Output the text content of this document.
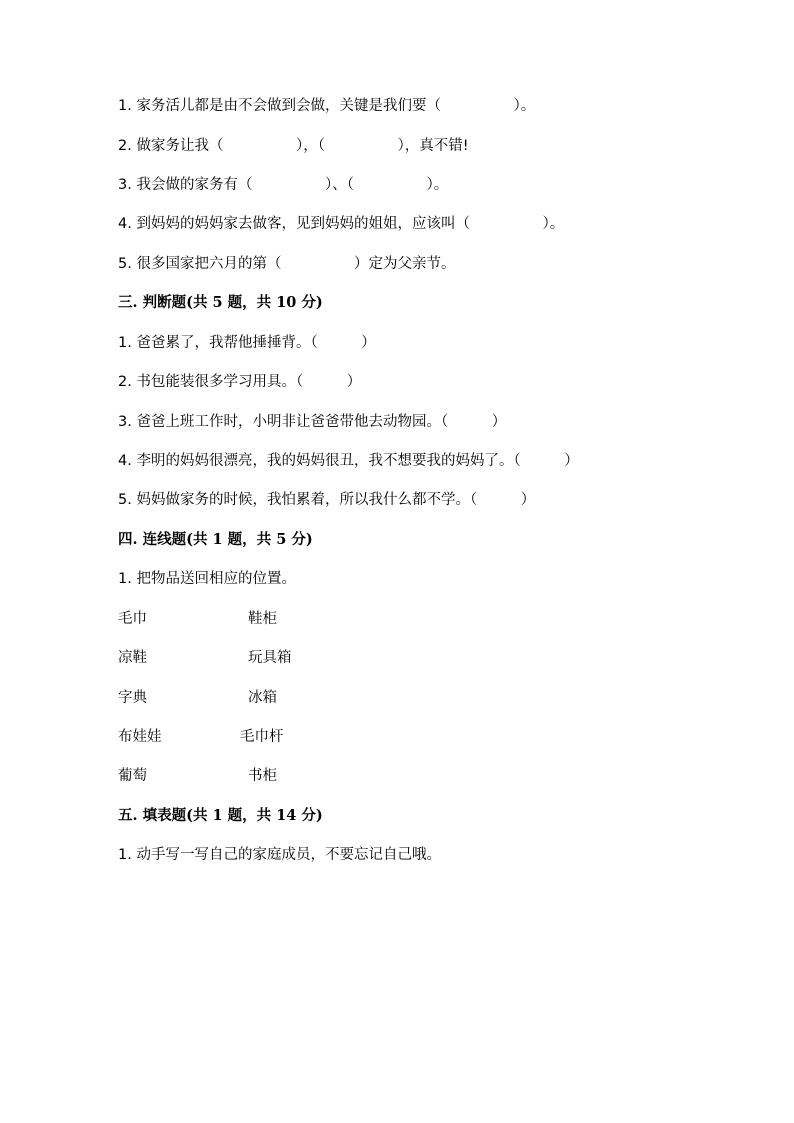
1. 家务活儿都是由不会做到会做，关键是我们要（　　　　　）。
2. 做家务让我（　　　　　），（　　　　　），真不错!
3. 我会做的家务有（　　　　　）、（　　　　　）。
4. 到妈妈的妈妈家去做客，见到妈妈的姐姐，应该叫（　　　　　）。
5. 很多国家把六月的第（　　　　　）定为父亲节。
三. 判断题(共 5 题，共 10 分)
1. 爸爸累了，我帮他捶捶背。（　　　）
2. 书包能装很多学习用具。（　　　）
3. 爸爸上班工作时，小明非让爸爸带他去动物园。（　　　）
4. 李明的妈妈很漂亮，我的妈妈很丑，我不想要我的妈妈了。（　　　）
5. 妈妈做家务的时候，我怕累着，所以我什么都不学。（　　　）
四. 连线题(共 1 题，共 5 分)
1. 把物品送回相应的位置。
毛巾	鞋柜
凉鞋	玩具箱
字典	冰箱
布娃娃	毛巾杆
葡萄	书柜
五. 填表题(共 1 题，共 14 分)
1. 动手写一写自己的家庭成员，不要忘记自己哦。
